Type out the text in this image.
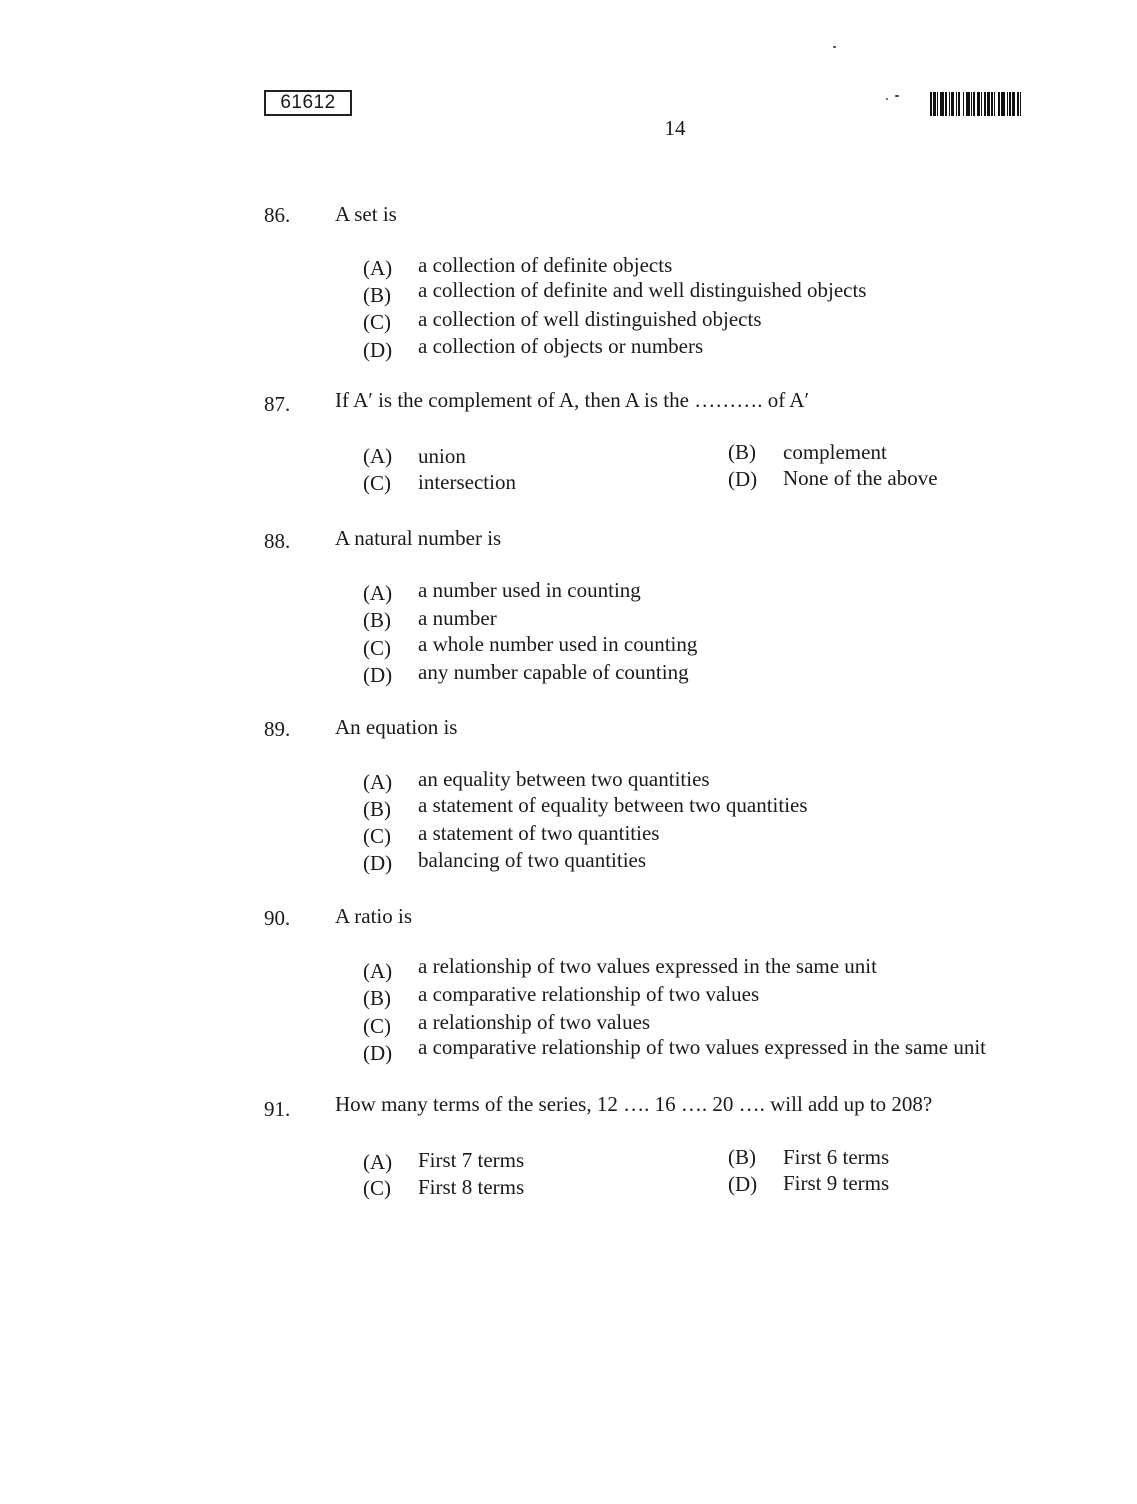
61612
14
86. A set is
(A) a collection of definite objects
(B) a collection of definite and well distinguished objects
(C) a collection of well distinguished objects
(D) a collection of objects or numbers
87. If A′ is the complement of A, then A is the ………. of A′
(A) union	(B) complement
(C) intersection	(D) None of the above
88. A natural number is
(A) a number used in counting
(B) a number
(C) a whole number used in counting
(D) any number capable of counting
89. An equation is
(A) an equality between two quantities
(B) a statement of equality between two quantities
(C) a statement of two quantities
(D) balancing of two quantities
90. A ratio is
(A) a relationship of two values expressed in the same unit
(B) a comparative relationship of two values
(C) a relationship of two values
(D) a comparative relationship of two values expressed in the same unit
91. How many terms of the series, 12 …. 16 …. 20 …. will add up to 208?
(A) First 7 terms	(B) First 6 terms
(C) First 8 terms	(D) First 9 terms
